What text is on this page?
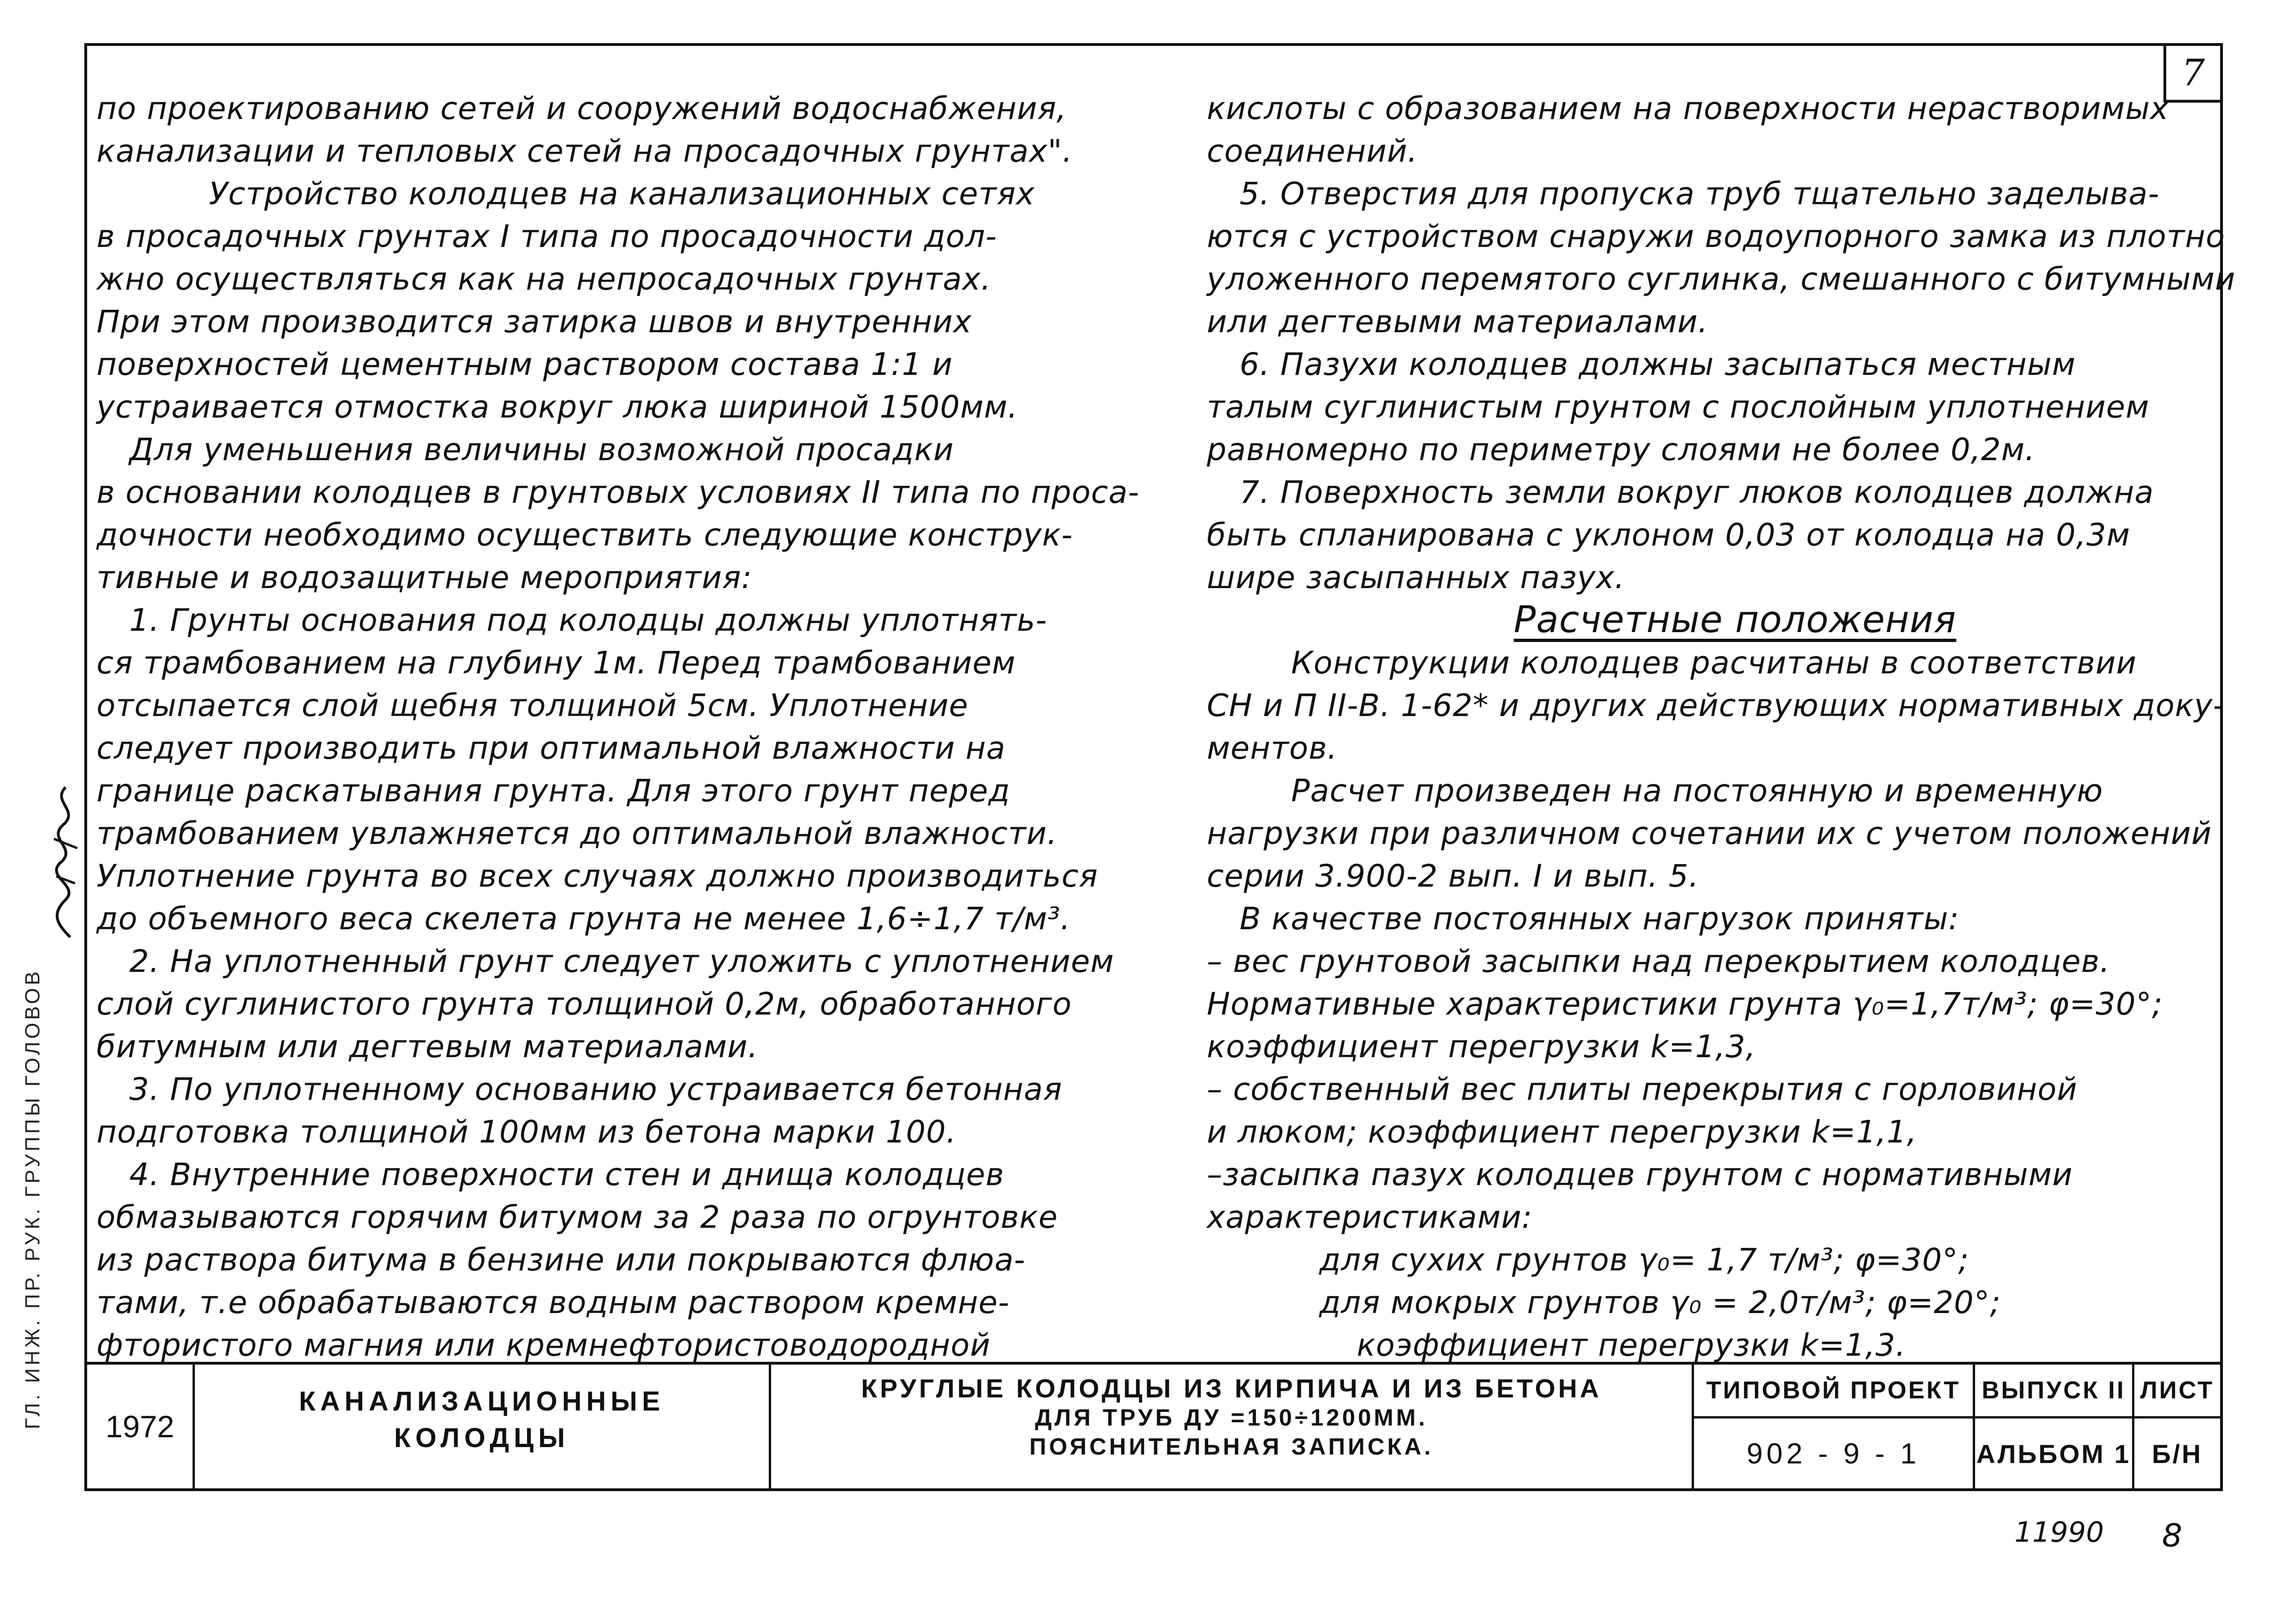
7

по проектированию сетей и сооружений водоснабжения,

канализации и тепловых сетей на просадочных грунтах".

Устройство колодцев на канализационных сетях

в просадочных грунтах I типа по просадочности дол-

жно осуществляться как на непросадочных грунтах.

При этом производится затирка швов и внутренних

поверхностей цементным раствором состава 1:1 и

устраивается отмостка вокруг люка шириной 1500мм.

Для уменьшения величины возможной просадки

в основании колодцев в грунтовых условиях II типа по проса-

дочности необходимо осуществить следующие конструк-

тивные и водозащитные мероприятия:

1. Грунты основания под колодцы должны уплотнять-

ся трамбованием на глубину 1м. Перед трамбованием

отсыпается слой щебня толщиной 5см. Уплотнение

следует производить при оптимальной влажности на

границе раскатывания грунта. Для этого грунт перед

трамбованием увлажняется до оптимальной влажности.

Уплотнение грунта во всех случаях должно производиться

до объемного веса скелета грунта не менее 1,6÷1,7 т/м³.

2. На уплотненный грунт следует уложить с уплотнением

слой суглинистого грунта толщиной 0,2м, обработанного

битумным или дегтевым материалами.

3. По уплотненному основанию устраивается бетонная

подготовка толщиной 100мм из бетона марки 100.

4. Внутренние поверхности стен и днища колодцев

обмазываются горячим битумом за 2 раза по огрунтовке

из раствора битума в бензине или покрываются флюа-

тами, т.е обрабатываются водным раствором кремне-

фтористого магния или кремнефтористоводородной

кислоты с образованием на поверхности нерастворимых

соединений.

5. Отверстия для пропуска труб тщательно заделыва-

ются с устройством снаружи водоупорного замка из плотно

уложенного перемятого суглинка, смешанного с битумными

или дегтевыми материалами.

6. Пазухи колодцев должны засыпаться местным

талым суглинистым грунтом с послойным уплотнением

равномерно по периметру слоями не более 0,2м.

7. Поверхность земли вокруг люков колодцев должна

быть спланирована с уклоном 0,03 от колодца на 0,3м

шире засыпанных пазух.

Расчетные положения

Конструкции колодцев расчитаны в соответствии

СН и П II-В. 1-62* и других действующих нормативных доку-

ментов.

Расчет произведен на постоянную и временную

нагрузки при различном сочетании их с учетом положений

серии 3.900-2 вып. I и вып. 5.

В качестве постоянных нагрузок приняты:

– вес грунтовой засыпки над перекрытием колодцев.

Нормативные характеристики грунта γ₀=1,7т/м³; φ=30°;

коэффициент перегрузки k=1,3,

– собственный вес плиты перекрытия с горловиной

и люком; коэффициент перегрузки k=1,1,

–засыпка пазух колодцев грунтом с нормативными

характеристиками:

для сухих грунтов γ₀= 1,7 т/м³; φ=30°;

для мокрых грунтов γ₀ = 2,0т/м³; φ=20°;

коэффициент перегрузки k=1,3.

1972
КАНАЛИЗАЦИОННЫЕ
КОЛОДЦЫ
КРУГЛЫЕ КОЛОДЦЫ ИЗ КИРПИЧА И ИЗ БЕТОНА
ДЛЯ ТРУБ ДУ =150÷1200ММ.
ПОЯСНИТЕЛЬНАЯ ЗАПИСКА.
ТИПОВОЙ ПРОЕКТ
902 - 9 - 1
ВЫПУСК II
АЛЬБОМ 1
ЛИСТ
Б/Н
ГЛ. ИНЖ. ПР. РУК. ГРУППЫ ГОЛОВОВ
11990 8
